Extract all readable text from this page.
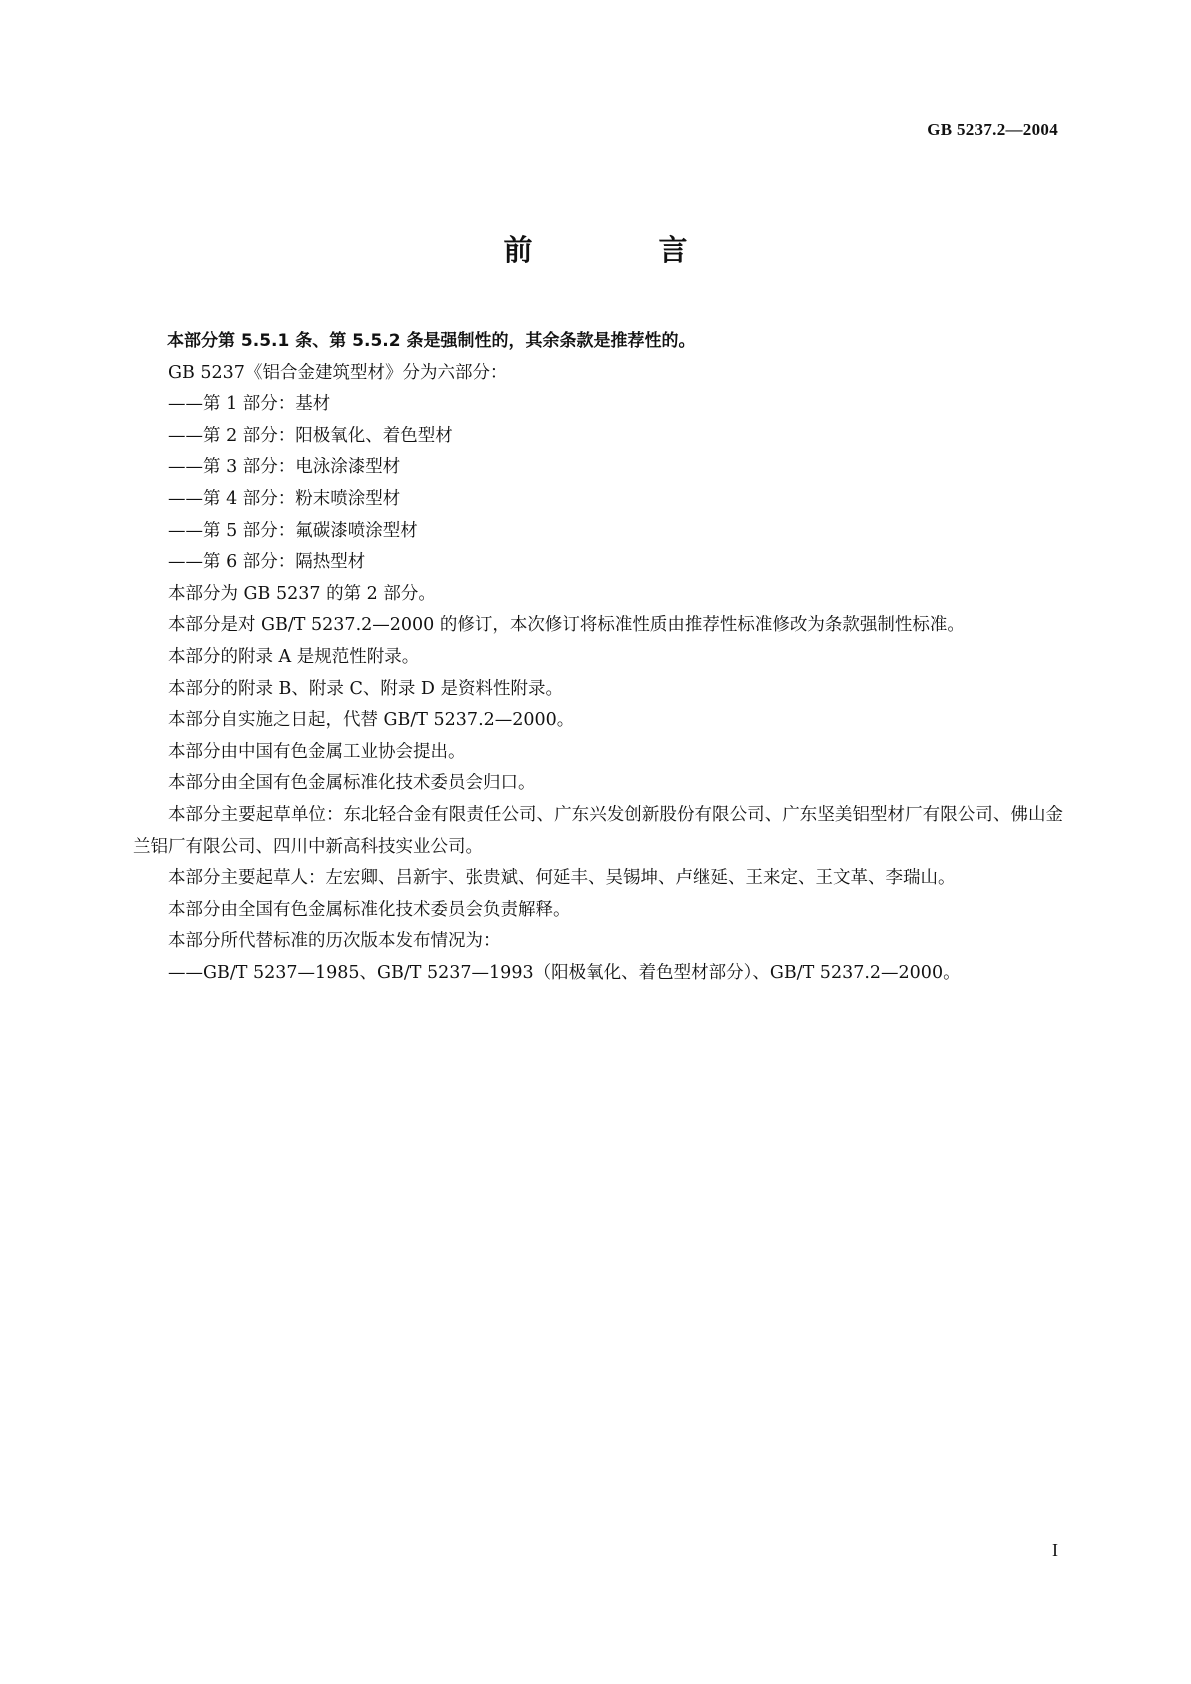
GB 5237.2—2004
前 言

本部分第 5.5.1 条、第 5.5.2 条是强制性的，其余条款是推荐性的。

GB 5237《铝合金建筑型材》分为六部分：

——第 1 部分：基材

——第 2 部分：阳极氧化、着色型材

——第 3 部分：电泳涂漆型材

——第 4 部分：粉末喷涂型材

——第 5 部分：氟碳漆喷涂型材

——第 6 部分：隔热型材

本部分为 GB 5237 的第 2 部分。

本部分是对 GB/T 5237.2—2000 的修订，本次修订将标准性质由推荐性标准修改为条款强制性标准。

本部分的附录 A 是规范性附录。

本部分的附录 B、附录 C、附录 D 是资料性附录。

本部分自实施之日起，代替 GB/T 5237.2—2000。

本部分由中国有色金属工业协会提出。

本部分由全国有色金属标准化技术委员会归口。

本部分主要起草单位：东北轻合金有限责任公司、广东兴发创新股份有限公司、广东坚美铝型材厂有限公司、佛山金兰铝厂有限公司、四川中新高科技实业公司。

本部分主要起草人：左宏卿、吕新宇、张贵斌、何延丰、吴锡坤、卢继延、王来定、王文革、李瑞山。

本部分由全国有色金属标准化技术委员会负责解释。

本部分所代替标准的历次版本发布情况为：

——GB/T 5237—1985、GB/T 5237—1993（阳极氧化、着色型材部分）、GB/T 5237.2—2000。

I
